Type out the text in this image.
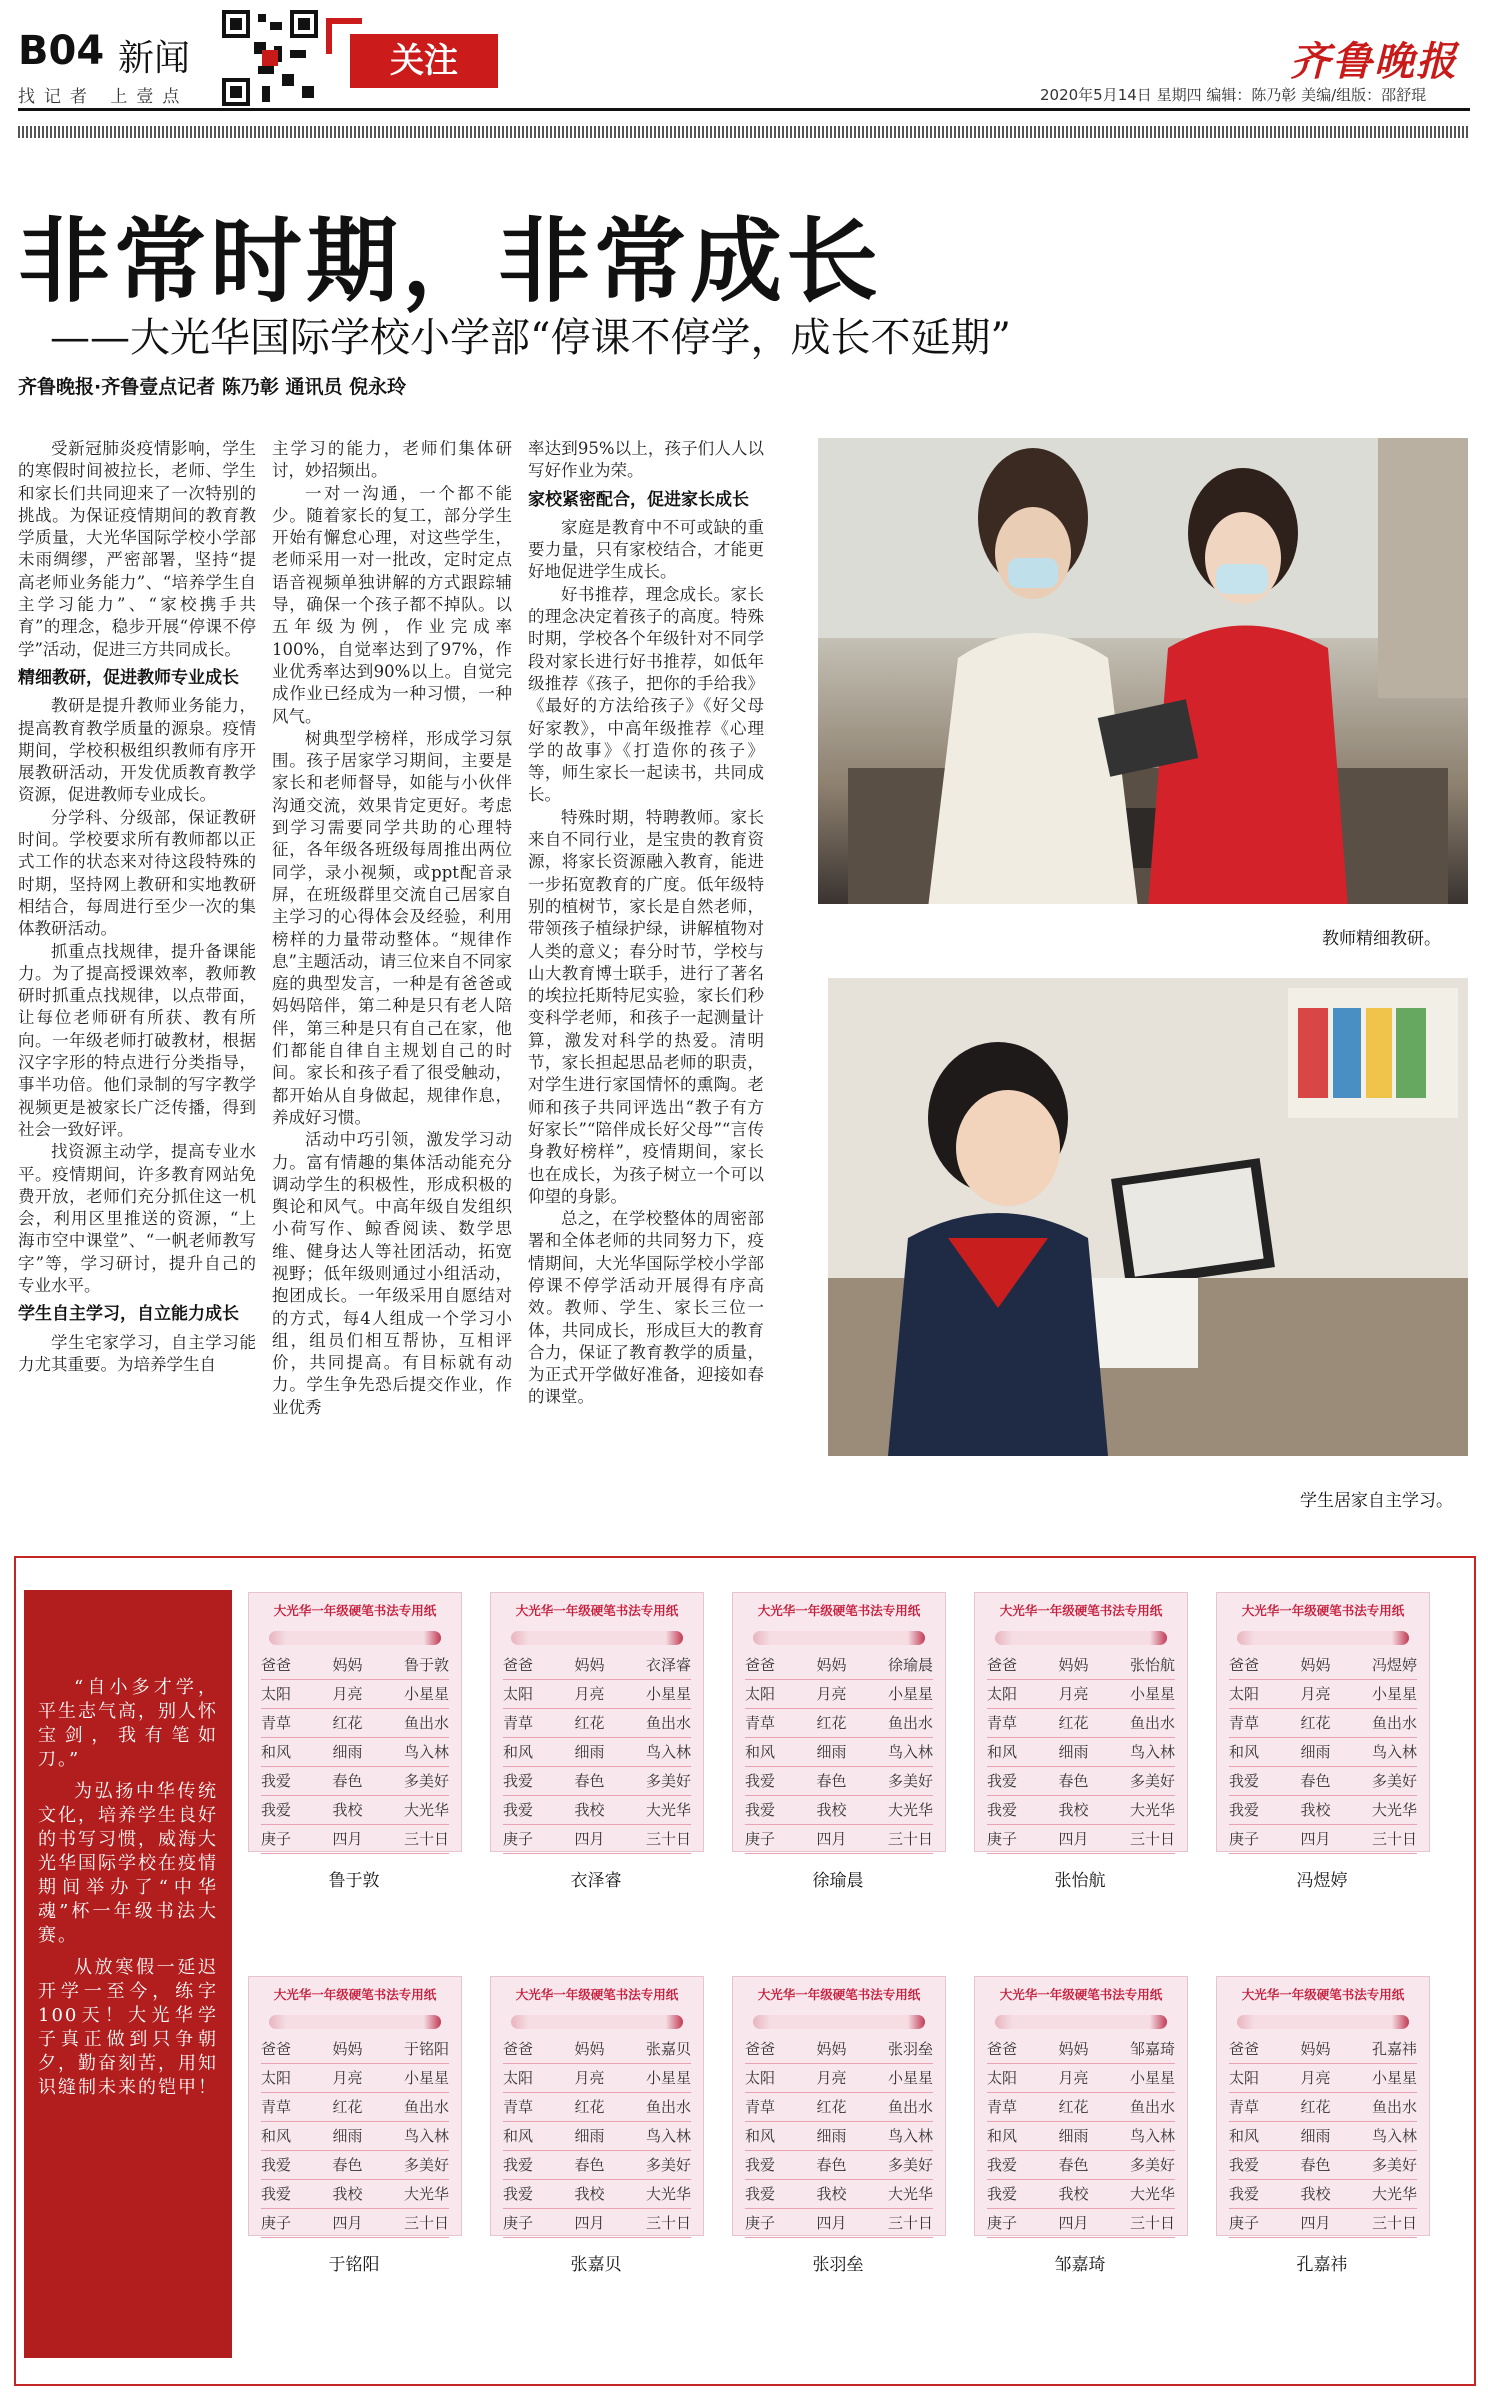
B04 新闻
找记者 上壹点
关注	齐鲁晚报
2020年5月14日 星期四 编辑：陈乃彰 美编/组版：邵舒琨
非常时期，非常成长
——大光华国际学校小学部“停课不停学，成长不延期”
齐鲁晚报·齐鲁壹点记者 陈乃彰 通讯员 倪永玲

受新冠肺炎疫情影响，学生的寒假时间被拉长，老师、学生和家长们共同迎来了一次特别的挑战。为保证疫情期间的教育教学质量，大光华国际学校小学部未雨绸缪，严密部署，坚持“提高老师业务能力”、“培养学生自主学习能力”、“家校携手共育”的理念，稳步开展“停课不停学”活动，促进三方共同成长。

精细教研，促进教师专业成长

教研是提升教师业务能力，提高教育教学质量的源泉。疫情期间，学校积极组织教师有序开展教研活动，开发优质教育教学资源，促进教师专业成长。

分学科、分级部，保证教研时间。学校要求所有教师都以正式工作的状态来对待这段特殊的时期，坚持网上教研和实地教研相结合，每周进行至少一次的集体教研活动。

抓重点找规律，提升备课能力。为了提高授课效率，教师教研时抓重点找规律，以点带面，让每位老师研有所获、教有所向。一年级老师打破教材，根据汉字字形的特点进行分类指导，事半功倍。他们录制的写字教学视频更是被家长广泛传播，得到社会一致好评。

找资源主动学，提高专业水平。疫情期间，许多教育网站免费开放，老师们充分抓住这一机会，利用区里推送的资源，“上海市空中课堂”、“一帆老师教写字”等，学习研讨，提升自己的专业水平。

学生自主学习，自立能力成长

学生宅家学习，自主学习能力尤其重要。为培养学生自

主学习的能力，老师们集体研讨，妙招频出。

一对一沟通，一个都不能少。随着家长的复工，部分学生开始有懈怠心理，对这些学生，老师采用一对一批改，定时定点语音视频单独讲解的方式跟踪辅导，确保一个孩子都不掉队。以五年级为例，作业完成率100%，自觉率达到了97%，作业优秀率达到90%以上。自觉完成作业已经成为一种习惯，一种风气。

树典型学榜样，形成学习氛围。孩子居家学习期间，主要是家长和老师督导，如能与小伙伴沟通交流，效果肯定更好。考虑到学习需要同学共助的心理特征，各年级各班级每周推出两位同学，录小视频，或ppt配音录屏，在班级群里交流自己居家自主学习的心得体会及经验，利用榜样的力量带动整体。“规律作息”主题活动，请三位来自不同家庭的典型发言，一种是有爸爸或妈妈陪伴，第二种是只有老人陪伴，第三种是只有自己在家，他们都能自律自主规划自己的时间。家长和孩子看了很受触动，都开始从自身做起，规律作息，养成好习惯。

活动中巧引领，激发学习动力。富有情趣的集体活动能充分调动学生的积极性，形成积极的舆论和风气。中高年级自发组织小荷写作、鲸香阅读、数学思维、健身达人等社团活动，拓宽视野；低年级则通过小组活动，抱团成长。一年级采用自愿结对的方式，每4人组成一个学习小组，组员们相互帮协，互相评价，共同提高。有目标就有动力。学生争先恐后提交作业，作业优秀

率达到95%以上，孩子们人人以写好作业为荣。

家校紧密配合，促进家长成长

家庭是教育中不可或缺的重要力量，只有家校结合，才能更好地促进学生成长。

好书推荐，理念成长。家长的理念决定着孩子的高度。特殊时期，学校各个年级针对不同学段对家长进行好书推荐，如低年级推荐《孩子，把你的手给我》《最好的方法给孩子》《好父母 好家教》，中高年级推荐《心理学的故事》《打造你的孩子》等，师生家长一起读书，共同成长。

特殊时期，特聘教师。家长来自不同行业，是宝贵的教育资源，将家长资源融入教育，能进一步拓宽教育的广度。低年级特别的植树节，家长是自然老师，带领孩子植绿护绿，讲解植物对人类的意义；春分时节，学校与山大教育博士联手，进行了著名的埃拉托斯特尼实验，家长们秒变科学老师，和孩子一起测量计算，激发对科学的热爱。清明节，家长担起思品老师的职责，对学生进行家国情怀的熏陶。老师和孩子共同评选出“教子有方好家长”“陪伴成长好父母”“言传身教好榜样”，疫情期间，家长也在成长，为孩子树立一个可以仰望的身影。

总之，在学校整体的周密部署和全体老师的共同努力下，疫情期间，大光华国际学校小学部停课不停学活动开展得有序高效。教师、学生、家长三位一体，共同成长，形成巨大的教育合力，保证了教育教学的质量，为正式开学做好准备，迎接如春的课堂。

教师精细教研。
学生居家自主学习。

“自小多才学，平生志气高，别人怀宝剑，我有笔如刀。”

为弘扬中华传统文化，培养学生良好的书写习惯，威海大光华国际学校在疫情期间举办了“中华魂”杯一年级书法大赛。

从放寒假一延迟开学一至今，练字100天！大光华学子真正做到只争朝夕，勤奋刻苦，用知识缝制未来的铠甲！

大光华一年级硬笔书法专用纸
爸爸	妈妈	鲁于敦
太阳	月亮	小星星
青草	红花	鱼出水
和风	细雨	鸟入林
我爱	春色	多美好
我爱	我校	大光华
庚子	四月	三十日
鲁于敦
大光华一年级硬笔书法专用纸
爸爸	妈妈	衣泽睿
太阳	月亮	小星星
青草	红花	鱼出水
和风	细雨	鸟入林
我爱	春色	多美好
我爱	我校	大光华
庚子	四月	三十日
衣泽睿
大光华一年级硬笔书法专用纸
爸爸	妈妈	徐瑜晨
太阳	月亮	小星星
青草	红花	鱼出水
和风	细雨	鸟入林
我爱	春色	多美好
我爱	我校	大光华
庚子	四月	三十日
徐瑜晨
大光华一年级硬笔书法专用纸
爸爸	妈妈	张怡航
太阳	月亮	小星星
青草	红花	鱼出水
和风	细雨	鸟入林
我爱	春色	多美好
我爱	我校	大光华
庚子	四月	三十日
张怡航
大光华一年级硬笔书法专用纸
爸爸	妈妈	冯煜婷
太阳	月亮	小星星
青草	红花	鱼出水
和风	细雨	鸟入林
我爱	春色	多美好
我爱	我校	大光华
庚子	四月	三十日
冯煜婷
大光华一年级硬笔书法专用纸
爸爸	妈妈	于铭阳
太阳	月亮	小星星
青草	红花	鱼出水
和风	细雨	鸟入林
我爱	春色	多美好
我爱	我校	大光华
庚子	四月	三十日
于铭阳
大光华一年级硬笔书法专用纸
爸爸	妈妈	张嘉贝
太阳	月亮	小星星
青草	红花	鱼出水
和风	细雨	鸟入林
我爱	春色	多美好
我爱	我校	大光华
庚子	四月	三十日
张嘉贝
大光华一年级硬笔书法专用纸
爸爸	妈妈	张羽垒
太阳	月亮	小星星
青草	红花	鱼出水
和风	细雨	鸟入林
我爱	春色	多美好
我爱	我校	大光华
庚子	四月	三十日
张羽垒
大光华一年级硬笔书法专用纸
爸爸	妈妈	邹嘉琦
太阳	月亮	小星星
青草	红花	鱼出水
和风	细雨	鸟入林
我爱	春色	多美好
我爱	我校	大光华
庚子	四月	三十日
邹嘉琦
大光华一年级硬笔书法专用纸
爸爸	妈妈	孔嘉祎
太阳	月亮	小星星
青草	红花	鱼出水
和风	细雨	鸟入林
我爱	春色	多美好
我爱	我校	大光华
庚子	四月	三十日
孔嘉祎
